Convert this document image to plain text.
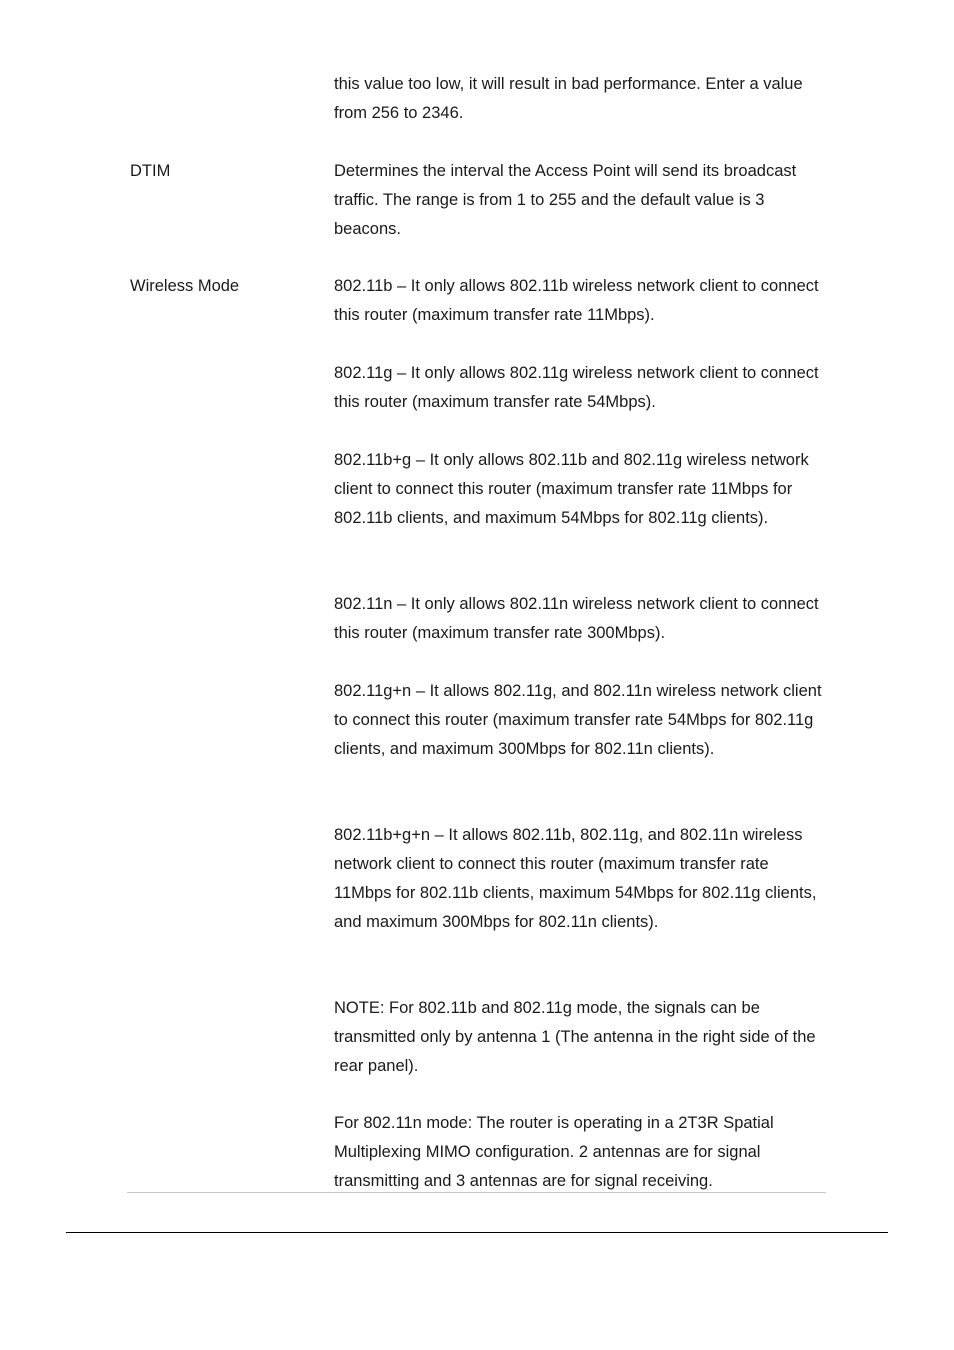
this value too low, it will result in bad performance. Enter a value from 256 to 2346.

DTIM	Determines the interval the Access Point will send its broadcast traffic. The range is from 1 to 255 and the default value is 3 beacons.

Wireless Mode	802.11b – It only allows 802.11b wireless network client to connect this router (maximum transfer rate 11Mbps).

802.11g – It only allows 802.11g wireless network client to connect this router (maximum transfer rate 54Mbps).

802.11b+g – It only allows 802.11b and 802.11g wireless network client to connect this router (maximum transfer rate 11Mbps for 802.11b clients, and maximum 54Mbps for 802.11g clients).

802.11n – It only allows 802.11n wireless network client to connect this router (maximum transfer rate 300Mbps).

802.11g+n – It allows 802.11g, and 802.11n wireless network client to connect this router (maximum transfer rate 54Mbps for 802.11g clients, and maximum 300Mbps for 802.11n clients).

802.11b+g+n – It allows 802.11b, 802.11g, and 802.11n wireless network client to connect this router (maximum transfer rate 11Mbps for 802.11b clients, maximum 54Mbps for 802.11g clients, and maximum 300Mbps for 802.11n clients).

NOTE: For 802.11b and 802.11g mode, the signals can be transmitted only by antenna 1 (The antenna in the right side of the rear panel).

For 802.11n mode: The router is operating in a 2T3R Spatial Multiplexing MIMO configuration. 2 antennas are for signal transmitting and 3 antennas are for signal receiving.
